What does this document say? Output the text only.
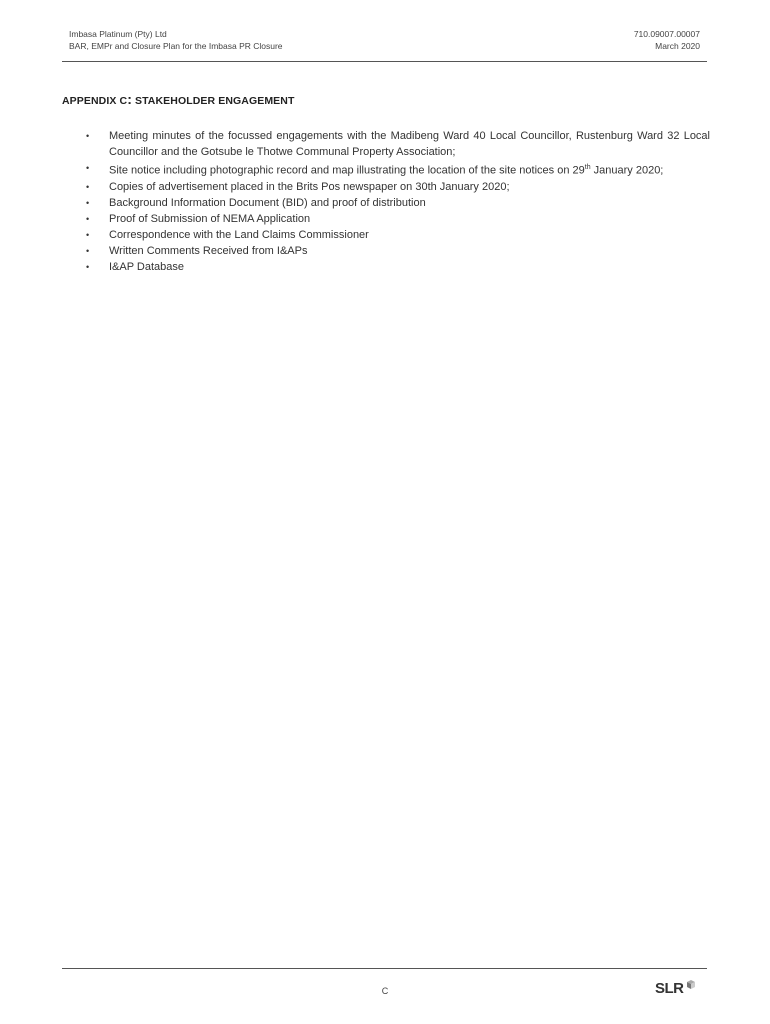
Imbasa Platinum (Pty) Ltd
BAR, EMPr and Closure Plan for the Imbasa PR Closure
710.09007.00007
March 2020
APPENDIX C: STAKEHOLDER ENGAGEMENT
• Meeting minutes of the focussed engagements with the Madibeng Ward 40 Local Councillor, Rustenburg Ward 32 Local Councillor and the Gotsube le Thotwe Communal Property Association;
• Site notice including photographic record and map illustrating the location of the site notices on 29th January 2020;
• Copies of advertisement placed in the Brits Pos newspaper on 30th January 2020;
• Background Information Document (BID) and proof of distribution
• Proof of Submission of NEMA Application
• Correspondence with the Land Claims Commissioner
• Written Comments Received from I&APs
• I&AP Database
C	SLR
